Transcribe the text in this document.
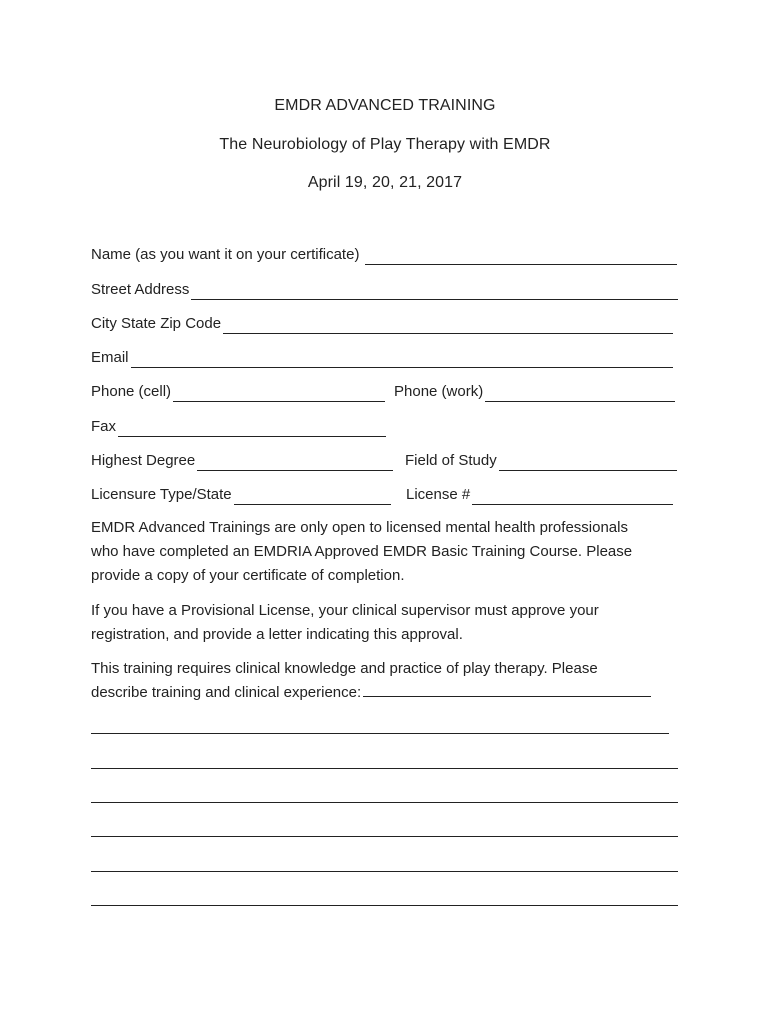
EMDR ADVANCED TRAINING
The Neurobiology of Play Therapy with EMDR
April 19, 20, 21, 2017
Name (as you want it on your certificate)
Street Address
City State Zip Code
Email
Phone (cell)	Phone (work)
Fax
Highest Degree	Field of Study
Licensure Type/State	License #
EMDR Advanced Trainings are only open to licensed mental health professionals
who have completed an EMDRIA Approved EMDR Basic Training Course. Please
provide a copy of your certificate of completion.
If you have a Provisional License, your clinical supervisor must approve your
registration, and provide a letter indicating this approval.
This training requires clinical knowledge and practice of play therapy. Please
describe training and clinical experience:
